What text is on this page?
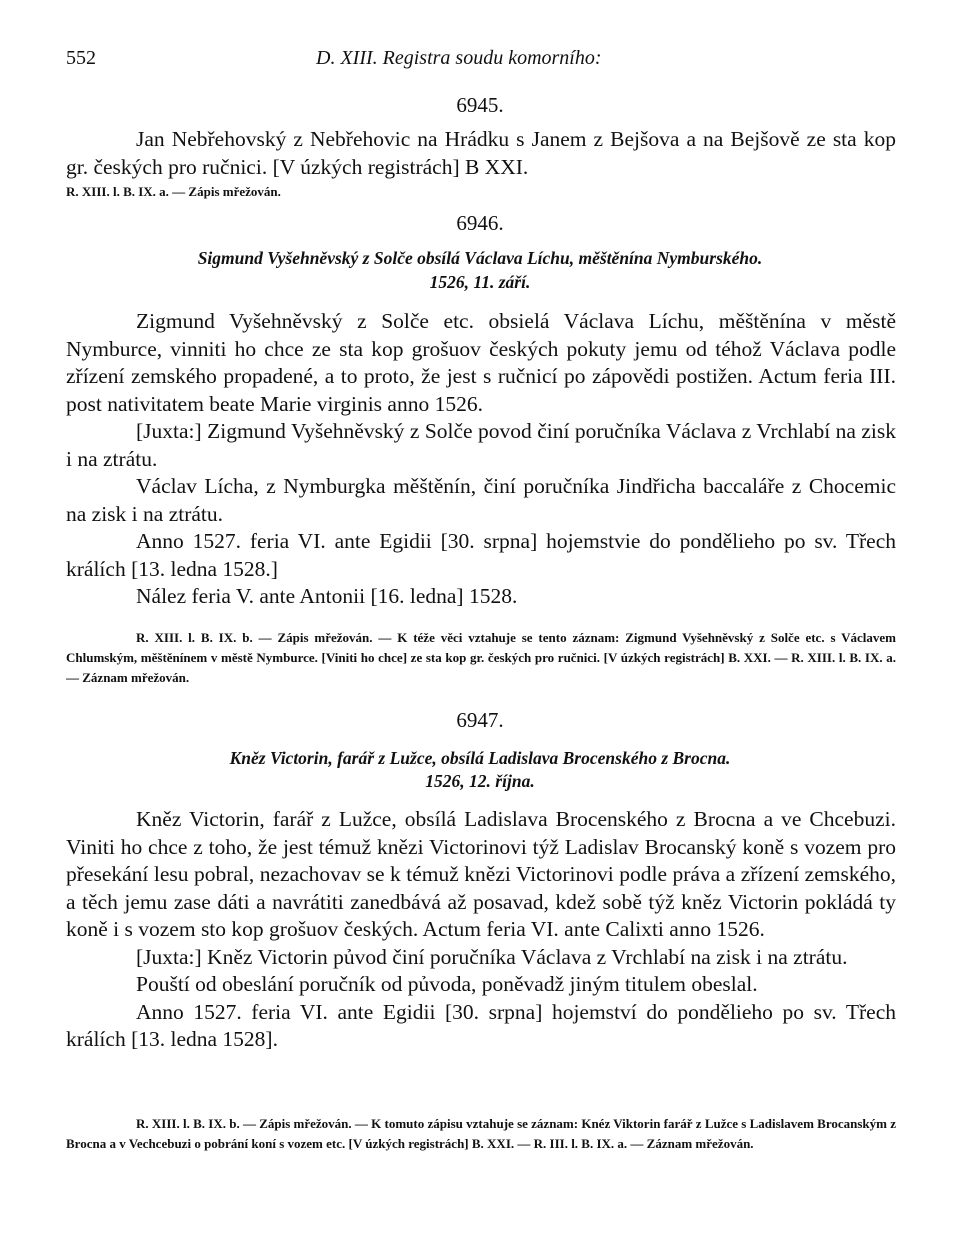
552	D. XIII. Registra soudu komorního:
6945.

Jan Nebřehovský z Nebřehovic na Hrádku s Janem z Bejšova a na Bejšově ze sta kop gr. českých pro ručnici. [V úzkých registrách] B XXI.

R. XIII. l. B. IX. a. — Zápis mřežován.
6946.
Sigmund Vyšehněvský z Solče obsílá Václava Líchu, měštěnína Nymburského.
1526, 11. září.

Zigmund Vyšehněvský z Solče etc. obsielá Václava Líchu, měštěnína v městě Nymburce, vinniti ho chce ze sta kop grošuov českých pokuty jemu od téhož Václava podle zřízení zemského propadené, a to proto, že jest s ručnicí po zápovědi postižen. Actum feria III. post nativitatem beate Marie virginis anno 1526.

[Juxta:] Zigmund Vyšehněvský z Solče povod činí poručníka Václava z Vrchlabí na zisk i na ztrátu.

Václav Lícha, z Nymburgka měštěnín, činí poručníka Jindřicha baccaláře z Chocemic na zisk i na ztrátu.

Anno 1527. feria VI. ante Egidii [30. srpna] hojemstvie do ponděliehо po sv. Třech králích [13. ledna 1528.]

Nález feria V. ante Antonii [16. ledna] 1528.

R. XIII. l. B. IX. b. — Zápis mřežován. — K téže věci vztahuje se tento záznam: Zigmund Vyšehněvský z Solče etc. s Václavem Chlumským, měštěnínem v městě Nymburce. [Viniti ho chce] ze sta kop gr. českých pro ručnici. [V úzkých registrách] B. XXI. — R. XIII. l. B. IX. a. — Záznam mřežován.

6947.
Kněz Victorin, farář z Lužce, obsílá Ladislava Brocenského z Brocna.
1526, 12. října.

Kněz Victorin, farář z Lužce, obsílá Ladislava Brocenského z Brocna a ve Chcebuzi. Viniti ho chce z toho, že jest témuž knězi Victorinovi týž Ladislav Brocanský koně s vozem pro přesekání lesu pobral, nezachovav se k témuž knězi Victorinovi podle práva a zřízení zemského, a těch jemu zase dáti a navrátiti zanedbává až posavad, kdež sobě týž kněz Victorin pokládá ty koně i s vozem sto kop grošuov českých. Actum feria VI. ante Calixti anno 1526.

[Juxta:] Kněz Victorin pủvod činí poručníka Václava z Vrchlabí na zisk i na ztrátu.

Pouští od obeslání poručník od pủvoda, poněvadž jiným titulem obeslal.

Anno 1527. feria VI. ante Egidii [30. srpna] hojemství do ponděliehо po sv. Třech králích [13. ledna 1528].

R. XIII. l. B. IX. b. — Zápis mřežován. — K tomuto zápisu vztahuje se záznam: Knéz Viktorin farář z Lužce s Ladislavem Brocanským z Brocna a v Vechcebuzi o pobrání koní s vozem etc. [V úzkých registrách] B. XXI. — R. III. l. B. IX. a. — Záznam mřežován.
